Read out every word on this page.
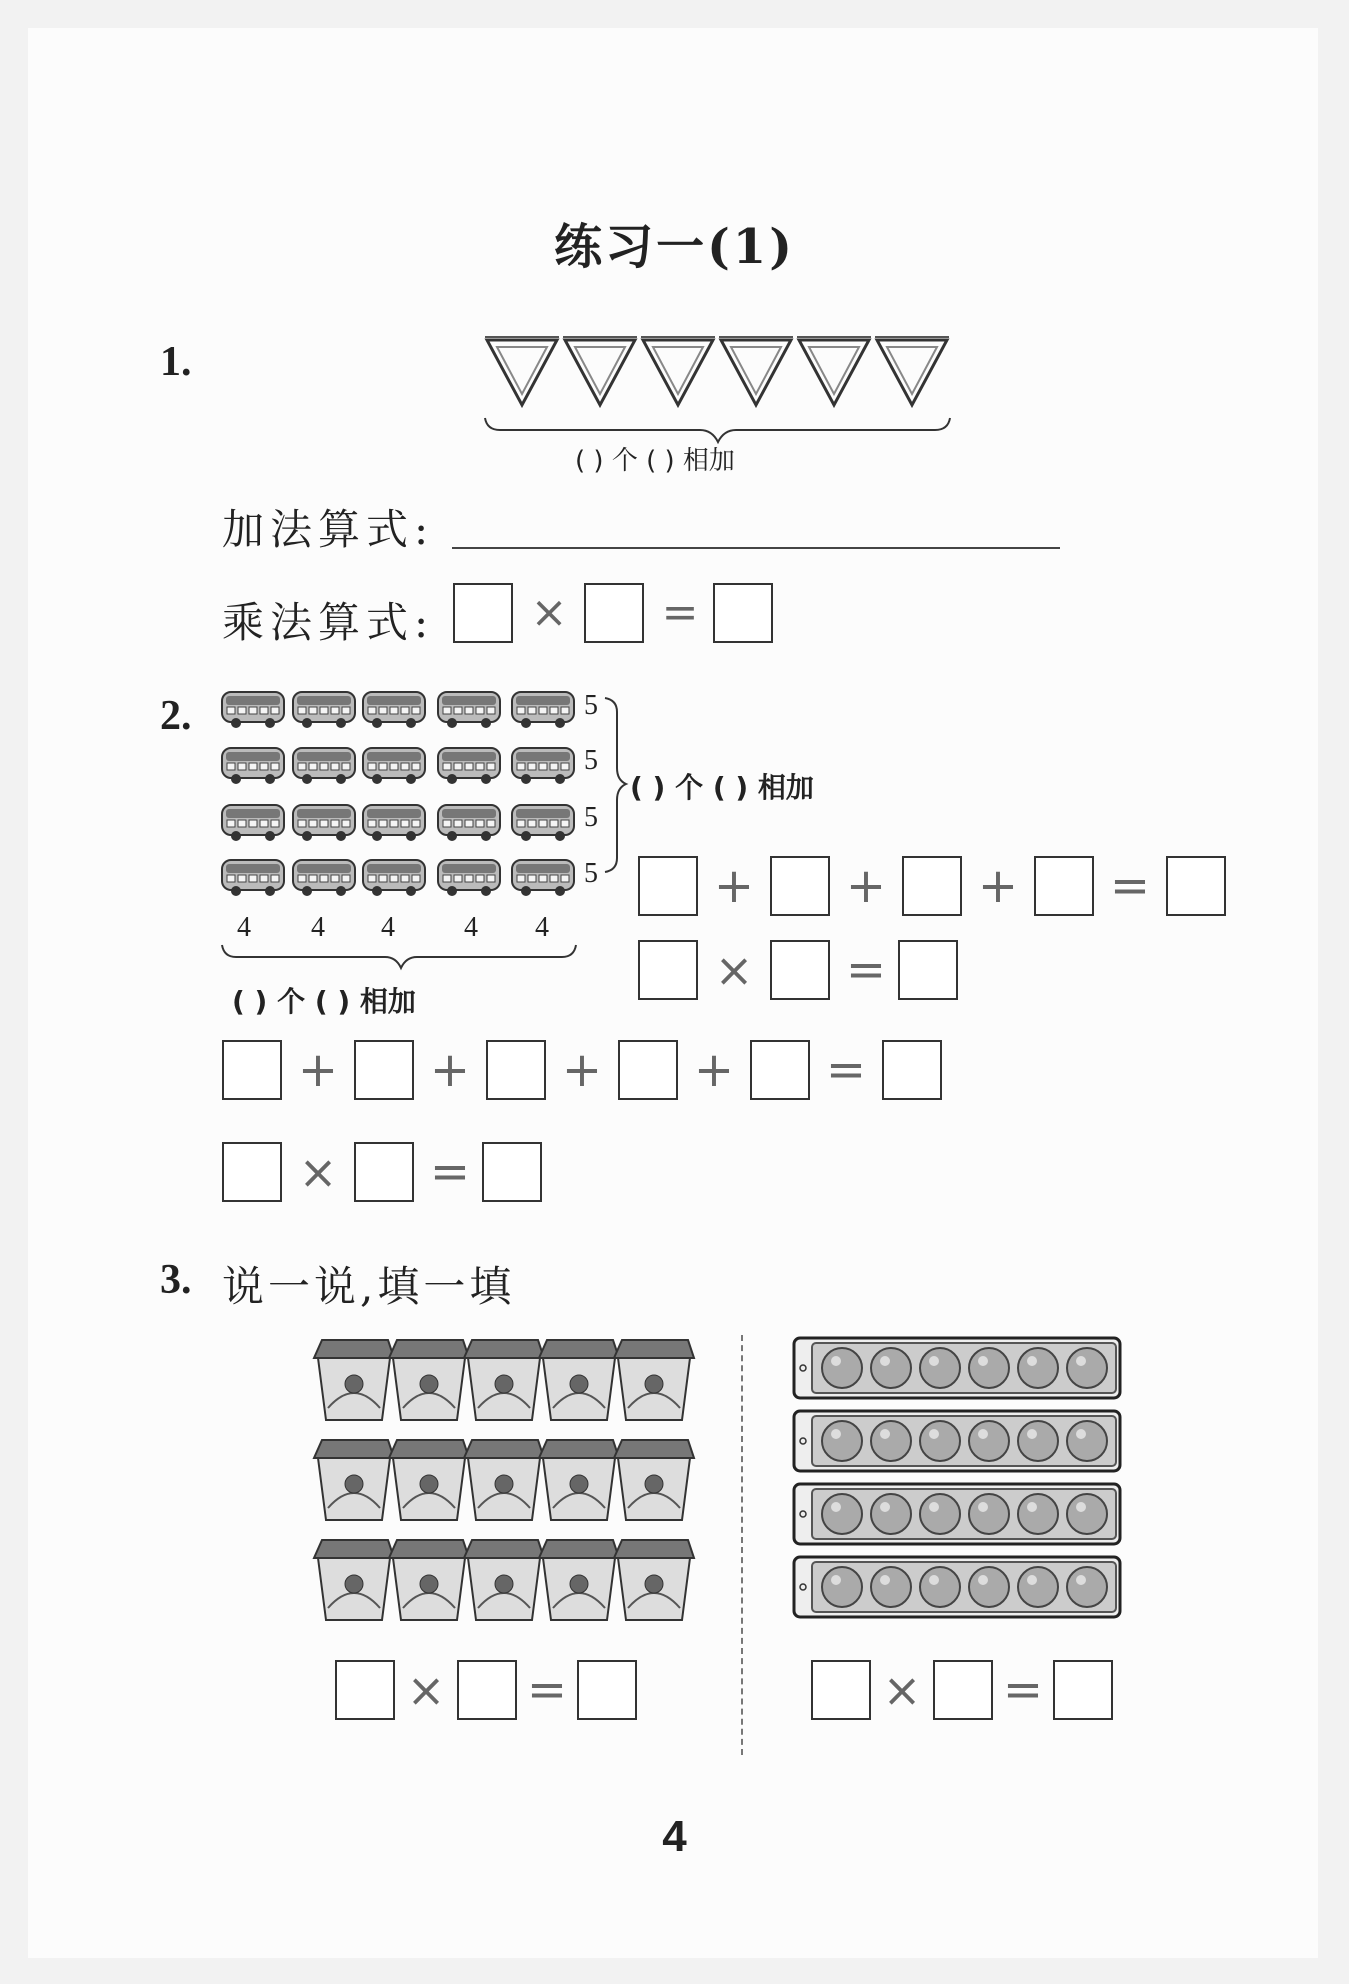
练习一(1)
1.
( ) 个 ( ) 相加
加法算式:
乘法算式: × =
2.	5
5
5
5
( ) 个 ( ) 相加
4 4 4 4 4
( ) 个 ( ) 相加
+ + + =
×	=
+ + + + =
×	=
3. 说一说,填一填
× =	× =
4
